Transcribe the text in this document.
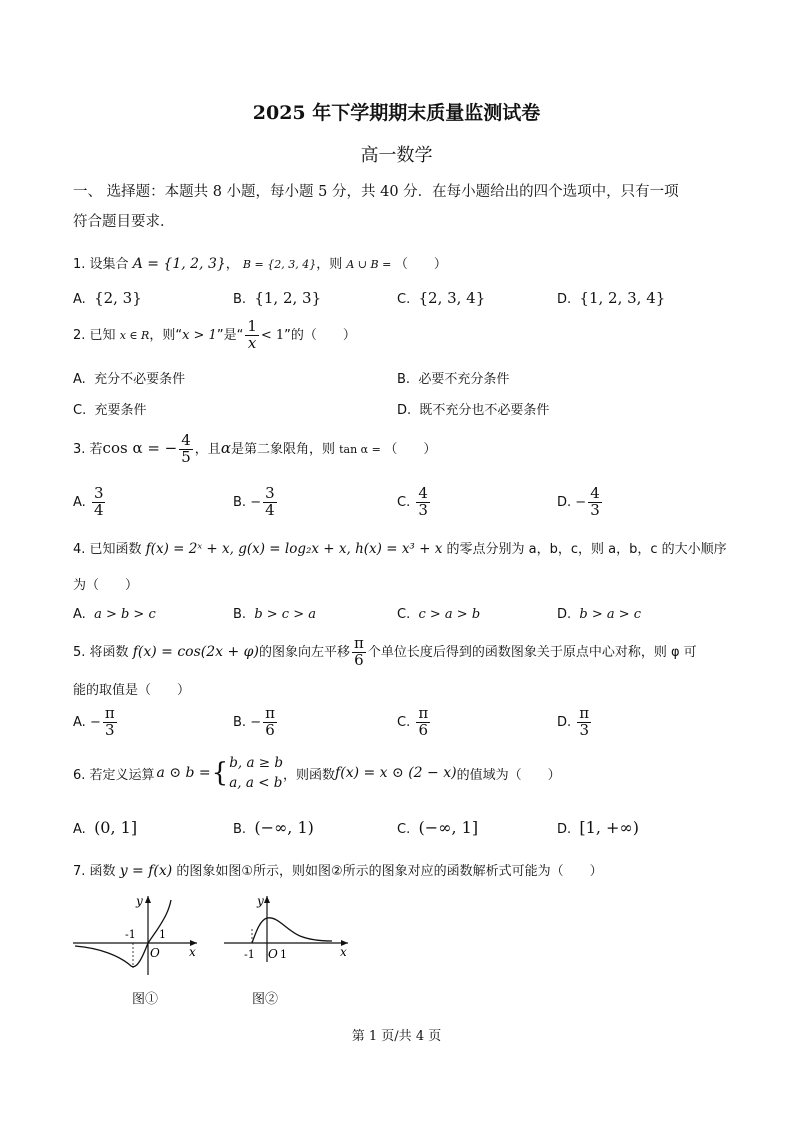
2025 年下学期期末质量监测试卷
高一数学
一、 选择题：本题共 8 小题，每小题 5 分，共 40 分．在每小题给出的四个选项中，只有一项
符合题目要求．
1. 设集合 A = {1, 2, 3}， B = {2, 3, 4}，则 A ∪ B = （　　）
A. {2, 3}	B. {1, 2, 3}	C. {2, 3, 4}	D. {1, 2, 3, 4}
2. 已知 x ∈ R，则“x > 1”是“ $\frac{1}{x} < 1$”的（　　）
A. 充分不必要条件	B. 必要不充分条件
C. 充要条件	D. 既不充分也不必要条件
3. 若cos α = − $\frac{4}{5}$ ，且α是第二象限角，则 tan α = （　　）
A. $\frac{3}{4}$	B. − $\frac{3}{4}$	C. $\frac{4}{3}$	D. − $\frac{4}{3}$
4. 已知函数 f(x) = 2ˣ + x, g(x) = log₂x + x, h(x) = x³ + x 的零点分别为 a，b，c，则 a，b，c 的大小顺序
为（　　）
A. a > b > c	B. b > c > a	C. c > a > b	D. b > a > c
5. 将函数 f(x) = cos(2x + φ)的图象向左平移 $\frac{\pi}{6}$ 个单位长度后得到的函数图象关于原点中心对称，则 φ 可
能的取值是（　　）
A. − $\frac{\pi}{3}$	B. − $\frac{\pi}{6}$	C. $\frac{\pi}{6}$	D. $\frac{\pi}{3}$
6. 若定义运算 a ⊙ b = { b, a ≥ b
a, a < b ，则函数 f(x) = x ⊙ (2 − x) 的值域为（　　）
A. (0, 1]	B. (−∞, 1)	C. (−∞, 1]	D. [1, +∞)
7. 函数 y = f(x) 的图象如图①所示，则如图②所示的图象对应的函数解析式可能为（　　）
y
x
O
-1 1
图①
y
x
-1 O 1
图②
第 1 页/共 4 页
